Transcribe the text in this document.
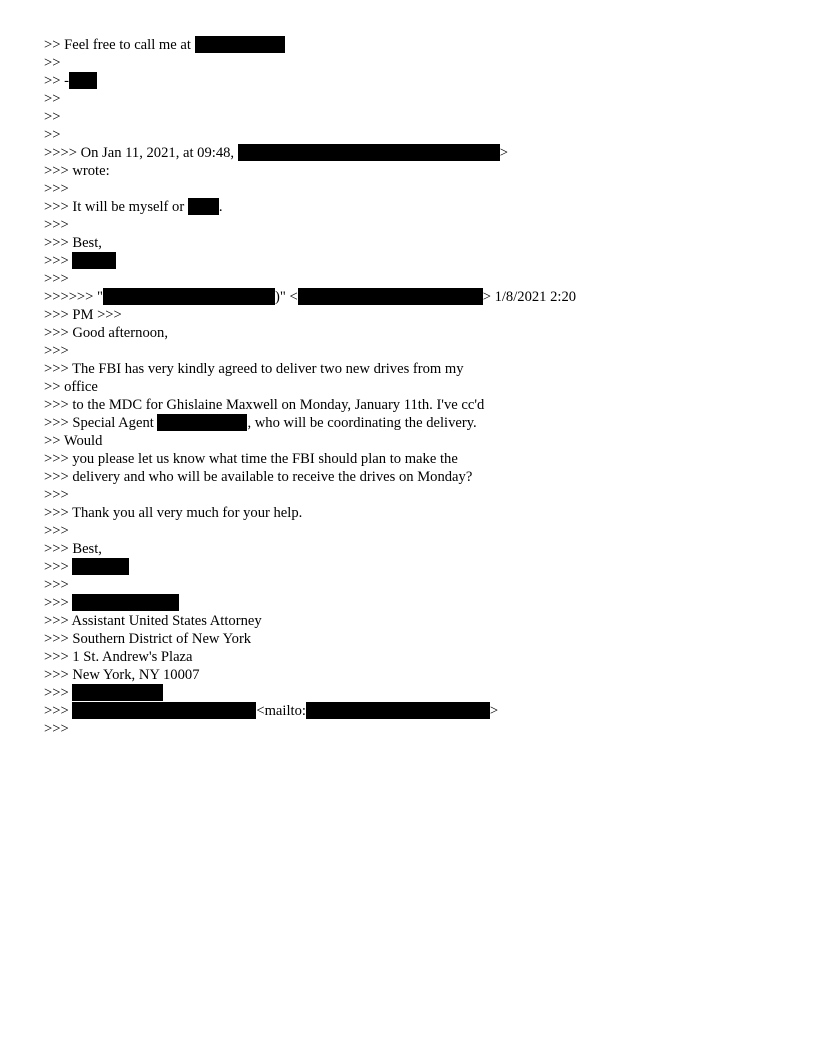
>> Feel free to call me at
>>
>> -
>>
>>
>>
>>>> On Jan 11, 2021, at 09:48,	>
>>> wrote:
>>>
>>> It will be myself or .
>>>
>>> Best,
>>>
>>>
>>>>>> "	)" <	> 1/8/2021 2:20
>>> PM >>>
>>> Good afternoon,
>>>
>>> The FBI has very kindly agreed to deliver two new drives from my
>> office
>>> to the MDC for Ghislaine Maxwell on Monday, January 11th. I've cc'd
>>> Special Agent	, who will be coordinating the delivery.
>> Would
>>> you please let us know what time the FBI should plan to make the
>>> delivery and who will be available to receive the drives on Monday?
>>>
>>> Thank you all very much for your help.
>>>
>>> Best,
>>>
>>>
>>>
>>> Assistant United States Attorney
>>> Southern District of New York
>>> 1 St. Andrew's Plaza
>>> New York, NY 10007
>>>
>>>	<mailto:	>
>>>
